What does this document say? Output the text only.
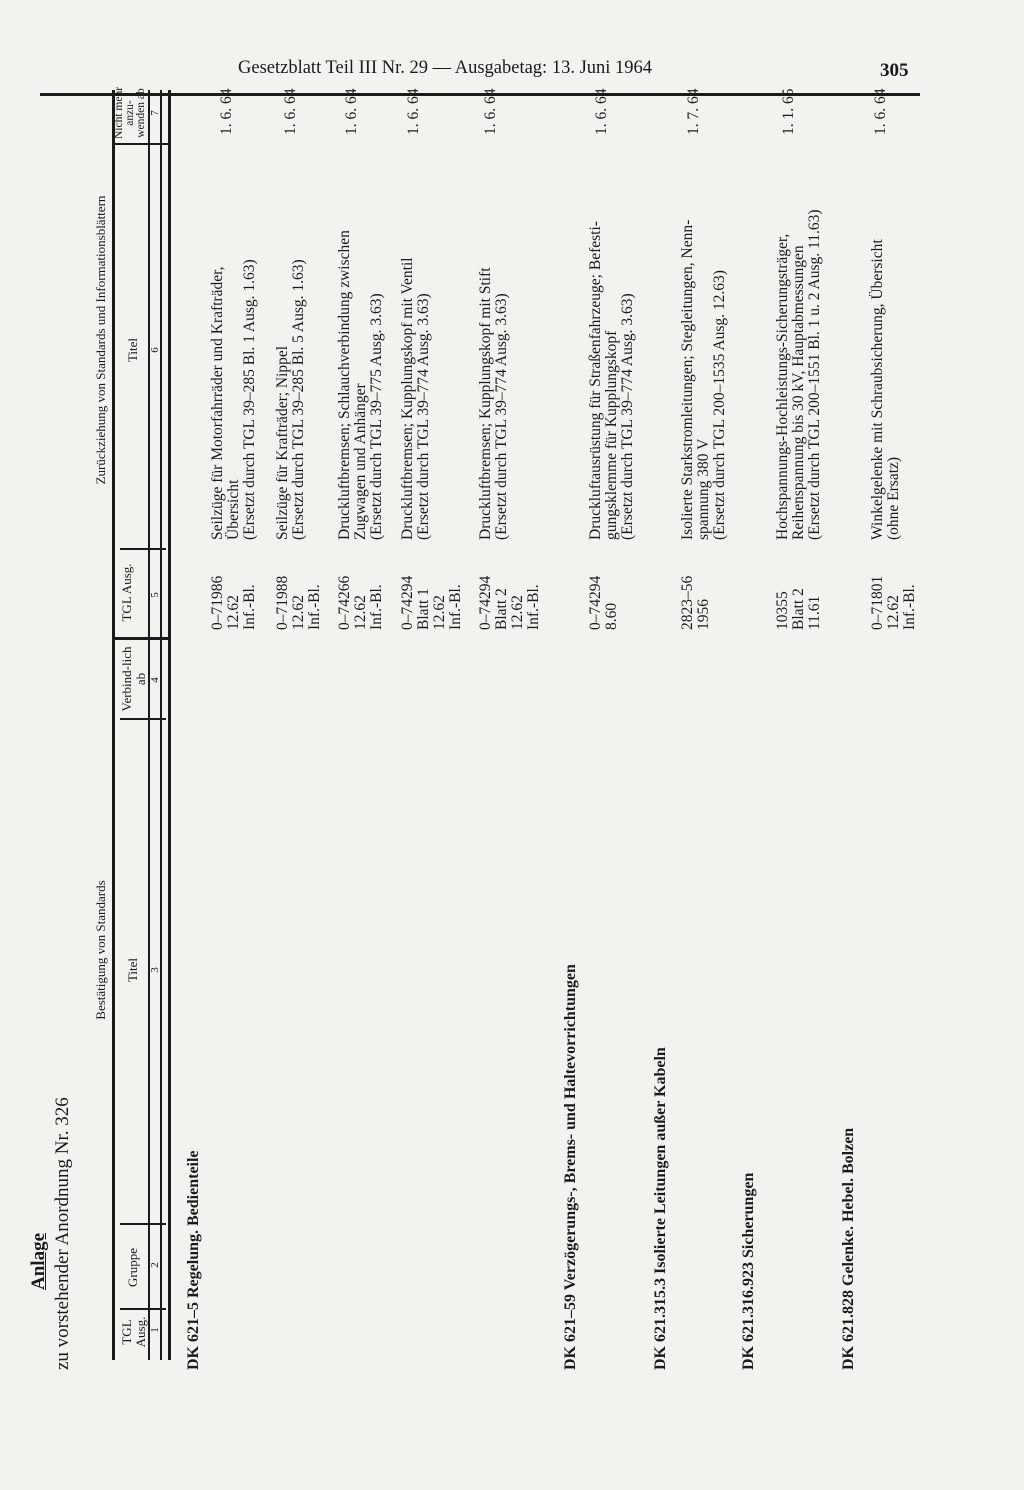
Gesetzblatt Teil III Nr. 29 — Ausgabetag: 13. Juni 1964	305
Anlage zu vorstehender Anordnung Nr. 326
Bestätigung von Standards
Zurückziehung von Standards und Informationsblättern
TGL Ausg.
Gruppe
Titel
Verbind-lich ab
TGL Ausg.
Titel
Nicht mehr anzu-wenden ab
1
2
3
4
5
6
7
DK 621–5 Regelung. Bedienteile
0–71986 12.62 Inf.-Bl.
Seilzüge für Motorfahrräder und Krafträder, Übersicht (Ersetzt durch TGL 39–285 Bl. 1 Ausg. 1.63)
1. 6. 64
0–71988 12.62 Inf.-Bl.
Seilzüge für Krafträder; Nippel (Ersetzt durch TGL 39–285 Bl. 5 Ausg. 1.63)
1. 6. 64
0–74266 12.62 Inf.-Bl.
Druckluftbremsen; Schlauchverbindung zwischen Zugwagen und Anhänger (Ersetzt durch TGL 39–775 Ausg. 3.63)
1. 6. 64
0–74294 Blatt 1 12.62 Inf.-Bl.
Druckluftbremsen; Kupplungskopf mit Ventil (Ersetzt durch TGL 39–774 Ausg. 3.63)
1. 6. 64
0–74294 Blatt 2 12.62 Inf.-Bl.
Druckluftbremsen; Kupplungskopf mit Stift (Ersetzt durch TGL 39–774 Ausg. 3.63)
1. 6. 64
DK 621–59 Verzögerungs-, Brems- und Haltevorrichtungen
0–74294 8.60
Druckluftausrüstung für Straßenfahrzeuge; Befesti- gungsklemme für Kupplungskopf (Ersetzt durch TGL 39–774 Ausg. 3.63)
1. 6. 64
DK 621.315.3 Isolierte Leitungen außer Kabeln
2823–56 1956
Isolierte Starkstromleitungen; Stegleitungen, Nenn- spannung 380 V (Ersetzt durch TGL 200–1535 Ausg. 12.63)
1. 7. 64
DK 621.316.923 Sicherungen
10355 Blatt 2 11.61
Hochspannungs-Hochleistungs-Sicherungsträger, Reihenspannung bis 30 kV, Hauptabmessungen (Ersetzt durch TGL 200–1551 Bl. 1 u. 2 Ausg. 11.63)
1. 1. 65
DK 621.828 Gelenke. Hebel. Bolzen
0–71801 12.62 Inf.-Bl.
Winkelgelenke mit Schraubsicherung, Übersicht (ohne Ersatz)
1. 6. 64
